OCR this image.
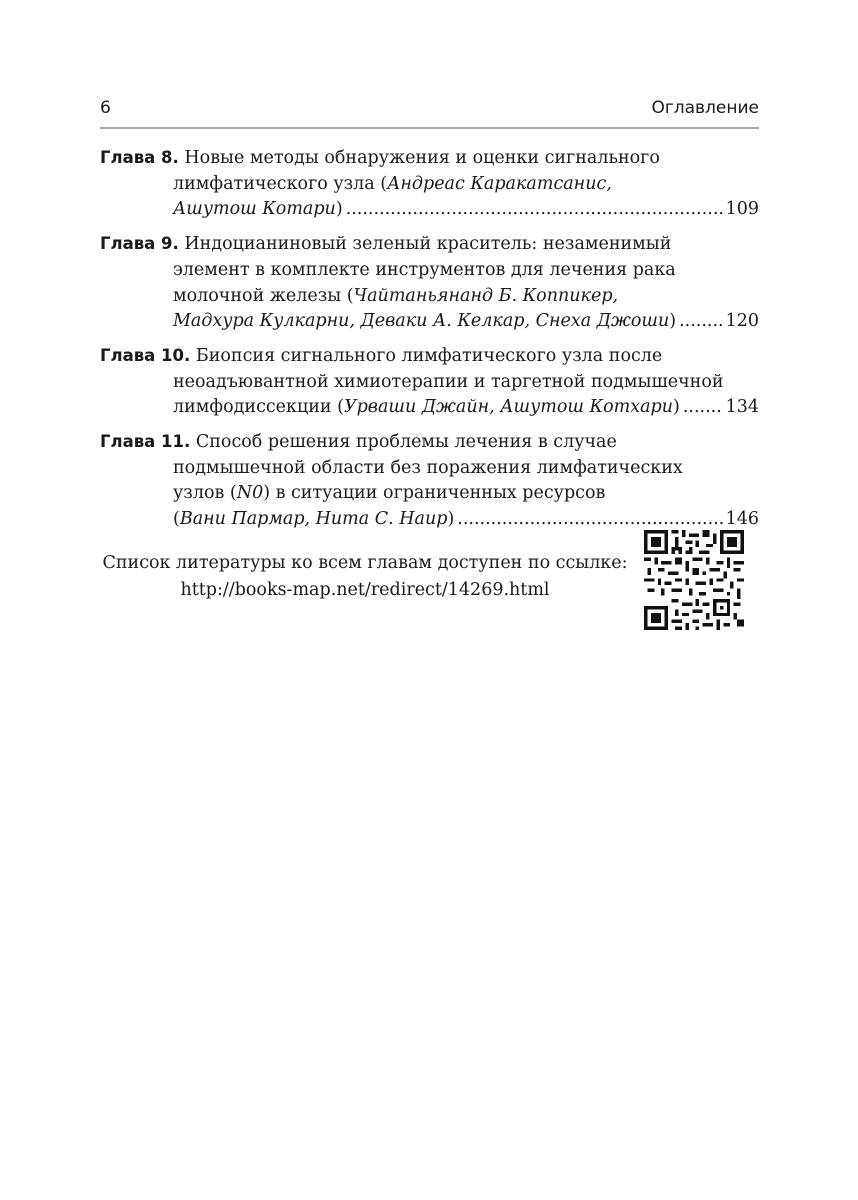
6	Оглавление
Глава 8. Новые методы обнаружения и оценки сигнального
лимфатического узла (Андреас Каракатсанис,
Ашутош Котари) .....	109
Глава 9. Индоцианиновый зеленый краситель: незаменимый
элемент в комплекте инструментов для лечения рака
молочной железы (Чайтаньянанд Б. Коппикер,
Мадхура Кулкарни, Деваки А. Келкар, Снеха Джоши) .....	120
Глава 10. Биопсия сигнального лимфатического узла после
неоадъювантной химиотерапии и таргетной подмышечной
лимфодиссекции (Урваши Джайн, Ашутош Котхари) .....	134
Глава 11. Способ решения проблемы лечения в случае
подмышечной области без поражения лимфатических
узлов (N0) в ситуации ограниченных ресурсов
(Вани Пармар, Нита С. Наир) .....	146
Список литературы ко всем главам доступен по ссылке:
http://books-map.net/redirect/14269.html
